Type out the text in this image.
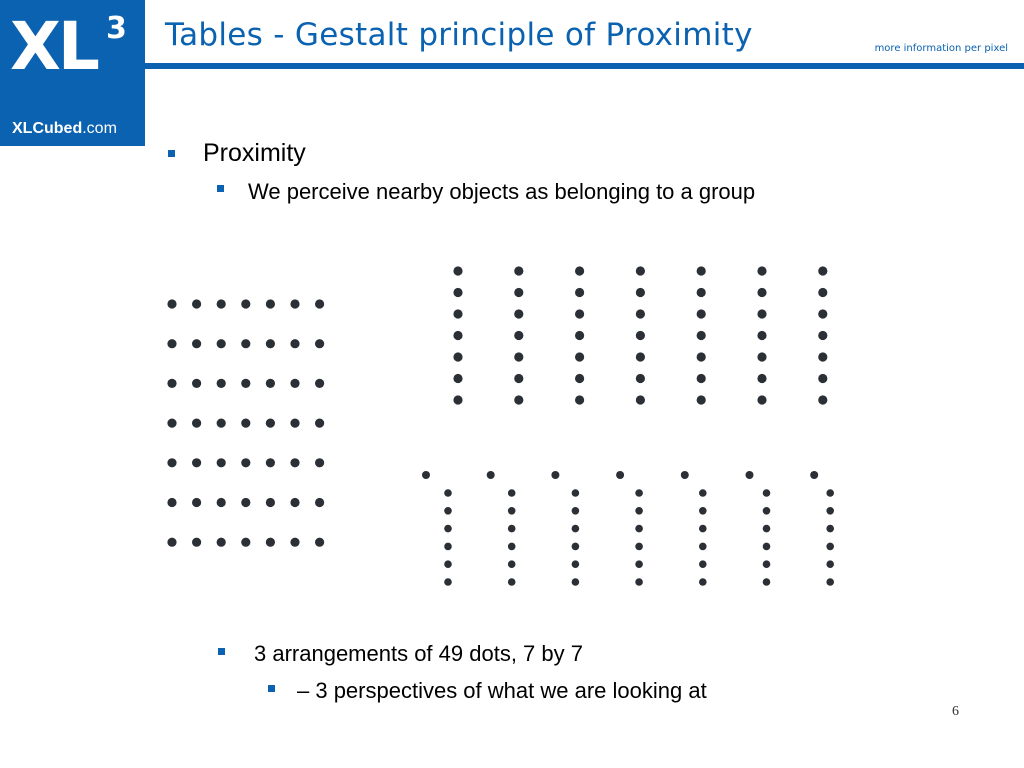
XL 3
XLCubed.com
Tables - Gestalt principle of Proximity	more information per pixel
Proximity
We perceive nearby objects as belonging to a group
3 arrangements of 49 dots, 7 by 7
– 3 perspectives of what we are looking at
6
